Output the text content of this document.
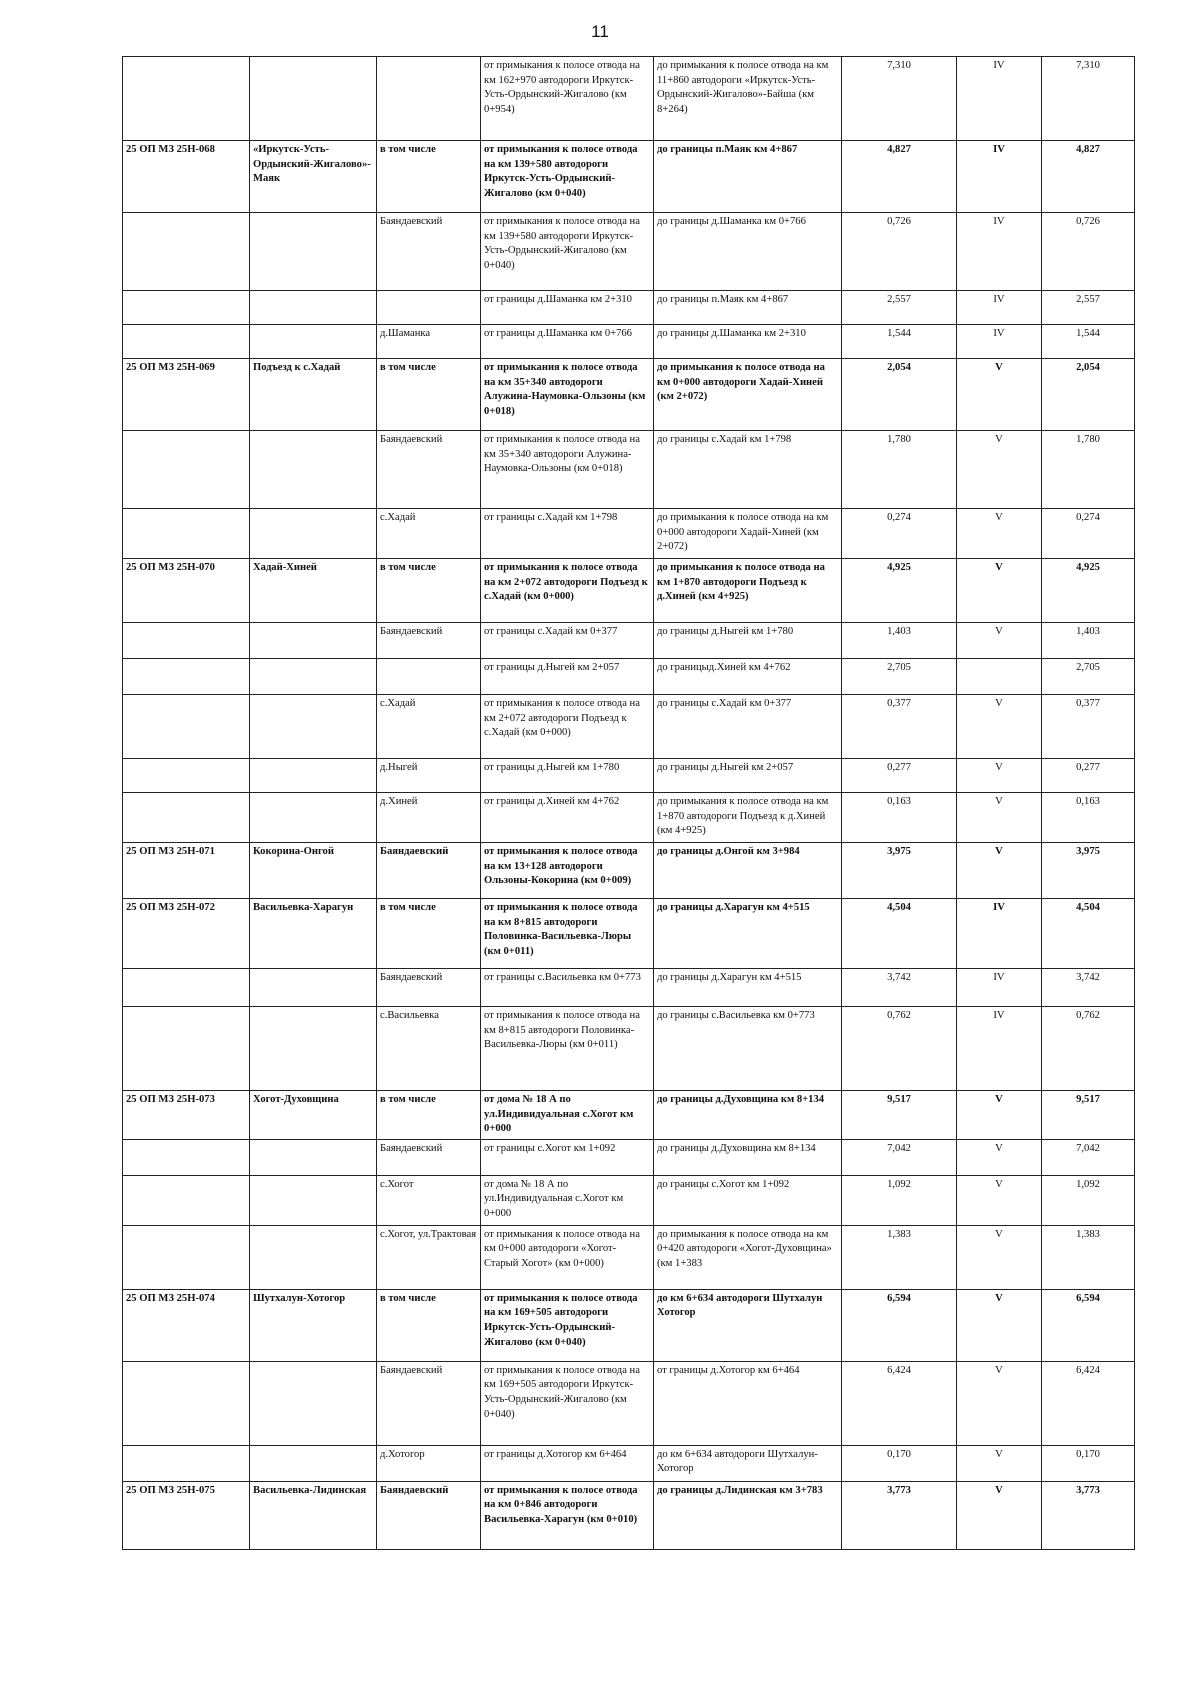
11
			от примыкания к полосе отвода на км 162+970 автодороги Иркутск-Усть-Ордынский-Жигалово (км 0+954)	до примыкания к полосе отвода на км 11+860 автодороги «Иркутск-Усть-Ордынский-Жигалово»-Байша (км 8+264)	7,310	IV	7,310
25 ОП МЗ 25Н-068	«Иркутск-Усть-Ордынский-Жигалово»-Маяк	в том числе	от примыкания к полосе отвода на км 139+580 автодороги Иркутск-Усть-Ордынский-Жигалово (км 0+040)	до границы п.Маяк км 4+867	4,827	IV	4,827
		Баяндаевский	от примыкания к полосе отвода на км 139+580 автодороги Иркутск-Усть-Ордынский-Жигалово (км 0+040)	до границы д.Шаманка км 0+766	0,726	IV	0,726
			от границы д.Шаманка км 2+310	до границы п.Маяк км 4+867	2,557	IV	2,557
		д.Шаманка	от границы д.Шаманка км 0+766	до границы д.Шаманка км 2+310	1,544	IV	1,544
25 ОП МЗ 25Н-069	Подъезд к с.Хадай	в том числе	от примыкания к полосе отвода на км 35+340 автодороги Алужина-Наумовка-Ользоны (км 0+018)	до примыкания к полосе отвода на км 0+000 автодороги Хадай-Хиней (км 2+072)	2,054	V	2,054
		Баяндаевский	от примыкания к полосе отвода на км 35+340 автодороги Алужина-Наумовка-Ользоны (км 0+018)	до границы с.Хадай км 1+798	1,780	V	1,780
		с.Хадай	от границы с.Хадай км 1+798	до примыкания к полосе отвода на км 0+000 автодороги Хадай-Хиней (км 2+072)	0,274	V	0,274
25 ОП МЗ 25Н-070	Хадай-Хиней	в том числе	от примыкания к полосе отвода на км 2+072 автодороги Подъезд к с.Хадай (км 0+000)	до примыкания к полосе отвода на км 1+870 автодороги Подъезд к д.Хиней (км 4+925)	4,925	V	4,925
		Баяндаевский	от границы с.Хадай км 0+377	до границы д.Ныгей км 1+780	1,403	V	1,403
			от границы д.Ныгей км 2+057	до границыд.Хиней км 4+762	2,705		2,705
		с.Хадай	от примыкания к полосе отвода на км 2+072 автодороги Подъезд к с.Хадай (км 0+000)	до границы с.Хадай км 0+377	0,377	V	0,377
		д.Ныгей	от границы д.Ныгей км 1+780	до границы д.Ныгей км 2+057	0,277	V	0,277
		д.Хиней	от границы д.Хиней км 4+762	до примыкания к полосе отвода на км 1+870 автодороги Подъезд к д.Хиней (км 4+925)	0,163	V	0,163
25 ОП МЗ 25Н-071	Кокорина-Онгой	Баяндаевский	от примыкания к полосе отвода на км 13+128 автодороги Ользоны-Кокорина (км 0+009)	до границы д.Онгой км 3+984	3,975	V	3,975
25 ОП МЗ 25Н-072	Васильевка-Харагун	в том числе	от примыкания к полосе отвода на км 8+815 автодороги Половинка-Васильевка-Люры (км 0+011)	до границы д.Харагун км 4+515	4,504	IV	4,504
		Баяндаевский	от границы с.Васильевка км 0+773	до границы д.Харагун км 4+515	3,742	IV	3,742
		с.Васильевка	от примыкания к полосе отвода на км 8+815 автодороги Половинка-Васильевка-Люры (км 0+011)	до границы с.Васильевка км 0+773	0,762	IV	0,762
25 ОП МЗ 25Н-073	Хогот-Духовщина	в том числе	от дома № 18 А по ул.Индивидуальная с.Хогот км 0+000	до границы д.Духовщина км 8+134	9,517	V	9,517
		Баяндаевский	от границы с.Хогот км 1+092	до границы д.Духовщина км 8+134	7,042	V	7,042
		с.Хогот	от дома № 18 А по ул.Индивидуальная с.Хогот км 0+000	до границы с.Хогот км 1+092	1,092	V	1,092
		с.Хогот, ул.Трактовая	от примыкания к полосе отвода на км 0+000 автодороги «Хогот-Старый Хогот» (км 0+000)	до примыкания к полосе отвода на км 0+420 автодороги «Хогот-Духовщина» (км 1+383	1,383	V	1,383
25 ОП МЗ 25Н-074	Шутхалун-Хотогор	в том числе	от примыкания к полосе отвода на км 169+505 автодороги Иркутск-Усть-Ордынский-Жигалово (км 0+040)	до км 6+634 автодороги Шутхалун Хотогор	6,594	V	6,594
		Баяндаевский	от примыкания к полосе отвода на км 169+505 автодороги Иркутск-Усть-Ордынский-Жигалово (км 0+040)	от границы д.Хотогор км 6+464	6,424	V	6,424
		д.Хотогор	от границы д.Хотогор км 6+464	до км 6+634 автодороги Шутхалун-Хотогор	0,170	V	0,170
25 ОП МЗ 25Н-075	Васильевка-Лидинская	Баяндаевский	от примыкания к полосе отвода на км 0+846 автодороги Васильевка-Харагун (км 0+010)	до границы д.Лидинская км 3+783	3,773	V	3,773
